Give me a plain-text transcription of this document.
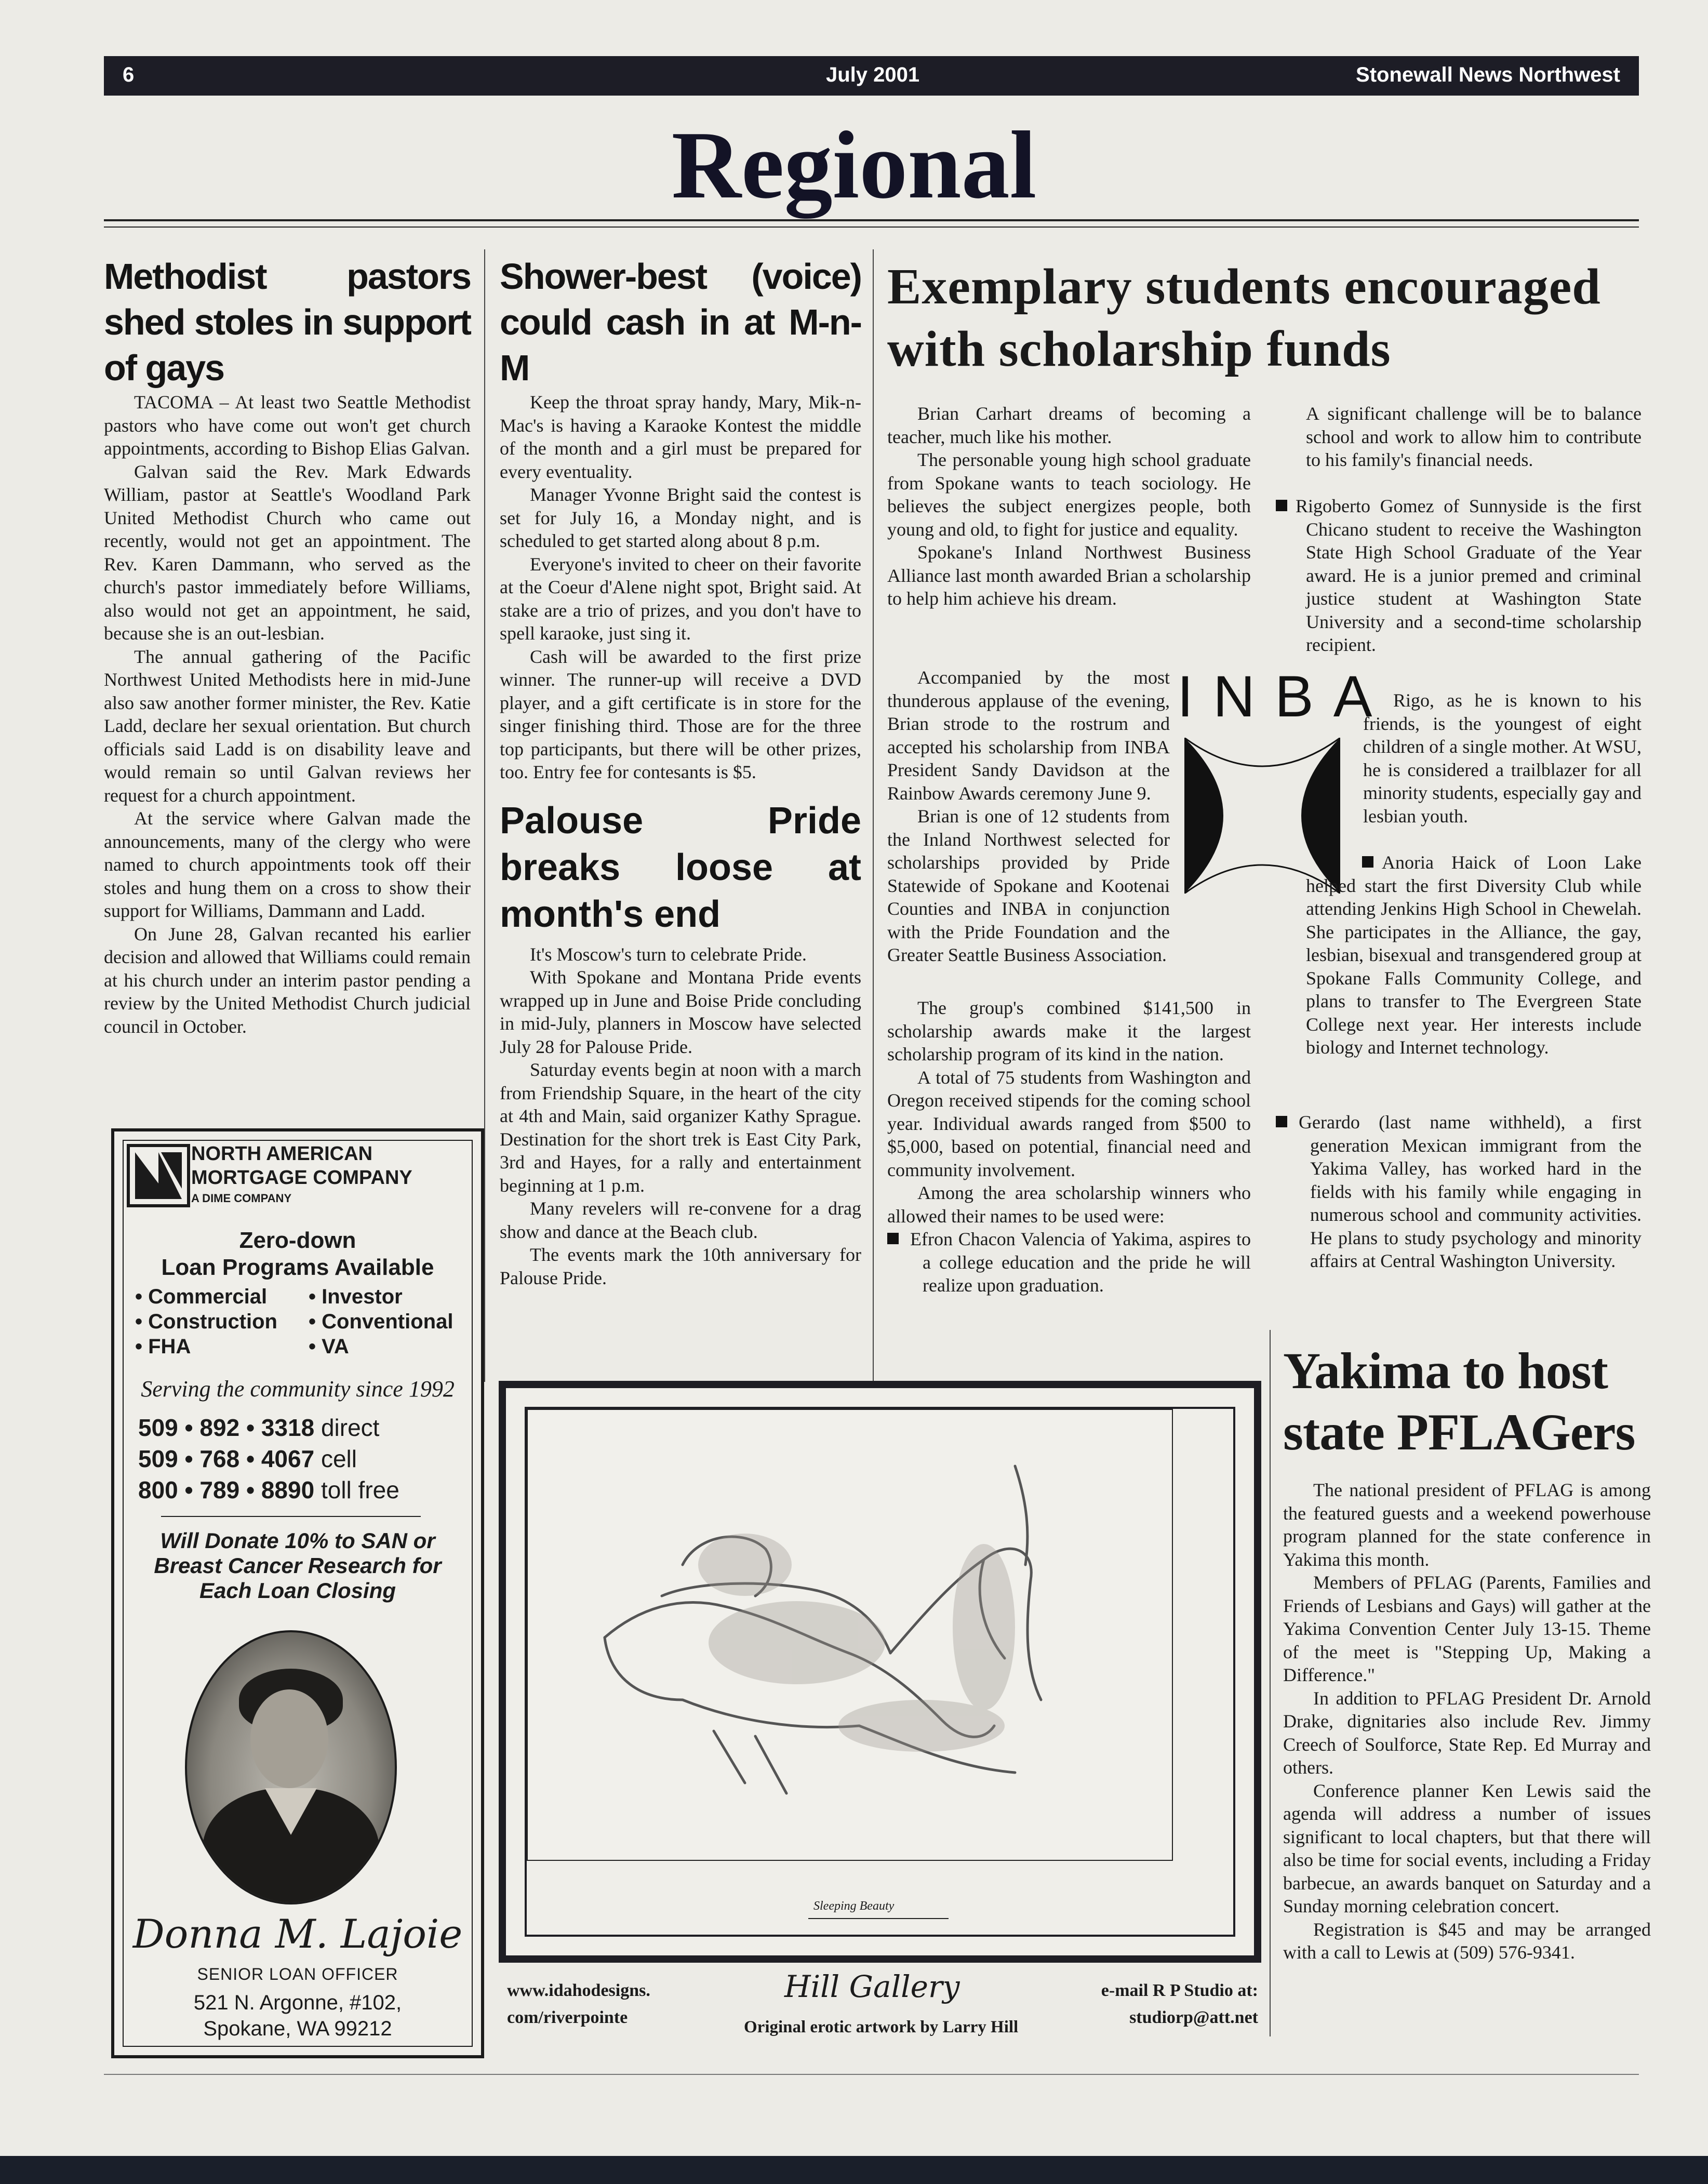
6	July 2001	Stonewall News Northwest
Regional
Methodist pastors shed stoles in support of gays

TACOMA – At least two Seattle Methodist pastors who have come out won't get church appointments, according to Bishop Elias Galvan.

Galvan said the Rev. Mark Edwards William, pastor at Seattle's Woodland Park United Methodist Church who came out recently, would not get an appointment. The Rev. Karen Dammann, who served as the church's pastor immediately before Williams, also would not get an appointment, he said, because she is an out-lesbian.

The annual gathering of the Pacific Northwest United Methodists here in mid-June also saw another former minister, the Rev. Katie Ladd, declare her sexual orientation. But church officials said Ladd is on disability leave and would remain so until Galvan reviews her request for a church appointment.

At the service where Galvan made the announcements, many of the clergy who were named to church appointments took off their stoles and hung them on a cross to show their support for Williams, Dammann and Ladd.

On June 28, Galvan recanted his earlier decision and allowed that Williams could remain at his church under an interim pastor pending a review by the United Methodist Church judicial council in October.

Shower-best (voice) could cash in at M-n-M

Keep the throat spray handy, Mary, Mik-n-Mac's is having a Karaoke Kontest the middle of the month and a girl must be prepared for every eventuality.

Manager Yvonne Bright said the contest is set for July 16, a Monday night, and is scheduled to get started along about 8 p.m.

Everyone's invited to cheer on their favorite at the Coeur d'Alene night spot, Bright said. At stake are a trio of prizes, and you don't have to spell karaoke, just sing it.

Cash will be awarded to the first prize winner. The runner-up will receive a DVD player, and a gift certificate is in store for the singer finishing third. Those are for the three top participants, but there will be other prizes, too. Entry fee for contesants is $5.

Palouse Pride breaks loose at month's end

It's Moscow's turn to celebrate Pride.

With Spokane and Montana Pride events wrapped up in June and Boise Pride concluding in mid-July, planners in Moscow have selected July 28 for Palouse Pride.

Saturday events begin at noon with a march from Friendship Square, in the heart of the city at 4th and Main, said organizer Kathy Sprague. Destination for the short trek is East City Park, 3rd and Hayes, for a rally and entertainment beginning at 1 p.m.

Many revelers will re-convene for a drag show and dance at the Beach club.

The events mark the 10th anniversary for Palouse Pride.

Exemplary students encouraged with scholarship funds

Brian Carhart dreams of becoming a teacher, much like his mother.

The personable young high school graduate from Spokane wants to teach sociology. He believes the subject energizes people, both young and old, to fight for justice and equality.

Spokane's Inland Northwest Business Alliance last month awarded Brian a scholarship to help him achieve his dream.

Accompanied by the most thunderous applause of the evening, Brian strode to the rostrum and accepted his scholarship from INBA President Sandy Davidson at the Rainbow Awards ceremony June 9.

Brian is one of 12 students from the Inland Northwest selected for scholarships provided by Pride Statewide of Spokane and Kootenai Counties and INBA in conjunction with the Pride Foundation and the Greater Seattle Business Association.

The group's combined $141,500 in scholarship awards make it the largest scholarship program of its kind in the nation.

A total of 75 students from Washington and Oregon received stipends for the coming school year. Individual awards ranged from $500 to $5,000, based on potential, financial need and community involvement.

Among the area scholarship winners who allowed their names to be used were:

Efron Chacon Valencia of Yakima, aspires to a college education and the pride he will realize upon graduation.

INBA

A significant challenge will be to balance school and work to allow him to contribute to his family's financial needs.

Rigoberto Gomez of Sunnyside is the first Chicano student to receive the Washington State High School Graduate of the Year award. He is a junior premed and criminal justice student at Washington State University and a second-time scholarship recipient.

Rigo, as he is known to his friends, is the youngest of eight children of a single mother. At WSU, he is considered a trailblazer for all minority students, especially gay and lesbian youth.

Anoria Haick of Loon Lake helped start the first Diversity Club while attending Jenkins High School in Chewelah. She participates in the Alliance, the gay, lesbian, bisexual and transgendered group at Spokane Falls Community College, and plans to transfer to The Evergreen State College next year. Her interests include biology and Internet technology.

Gerardo (last name withheld), a first generation Mexican immigrant from the Yakima Valley, has worked hard in the fields with his family while engaging in numerous school and community activities. He plans to study psychology and minority affairs at Central Washington University.

Yakima to host state PFLAGers

The national president of PFLAG is among the featured guests and a weekend powerhouse program planned for the state conference in Yakima this month.

Members of PFLAG (Parents, Families and Friends of Lesbians and Gays) will gather at the Yakima Convention Center July 13-15. Theme of the meet is "Stepping Up, Making a Difference."

In addition to PFLAG President Dr. Arnold Drake, dignitaries also include Rev. Jimmy Creech of Soulforce, State Rep. Ed Murray and others.

Conference planner Ken Lewis said the agenda will address a number of issues significant to local chapters, but that there will also be time for social events, including a Friday barbecue, an awards banquet on Saturday and a Sunday morning celebration concert.

Registration is $45 and may be arranged with a call to Lewis at (509) 576-9341.

NORTH AMERICAN
MORTGAGE COMPANY
A DIME COMPANY
Zero-down
Loan Programs Available
• Commercial
• Construction
• FHA
• Investor
• Conventional
• VA
Serving the community since 1992
509 • 892 • 3318 direct
509 • 768 • 4067 cell
800 • 789 • 8890 toll free
Will Donate 10% to SAN or Breast Cancer Research for Each Loan Closing
Donna M. Lajoie
SENIOR LOAN OFFICER
521 N. Argonne, #102,
Spokane, WA 99212
Sleeping Beauty
www.idahodesigns.
com/riverpointe
Hill Gallery
Original erotic artwork by Larry Hill
e-mail R P Studio at:
studiorp@att.net
